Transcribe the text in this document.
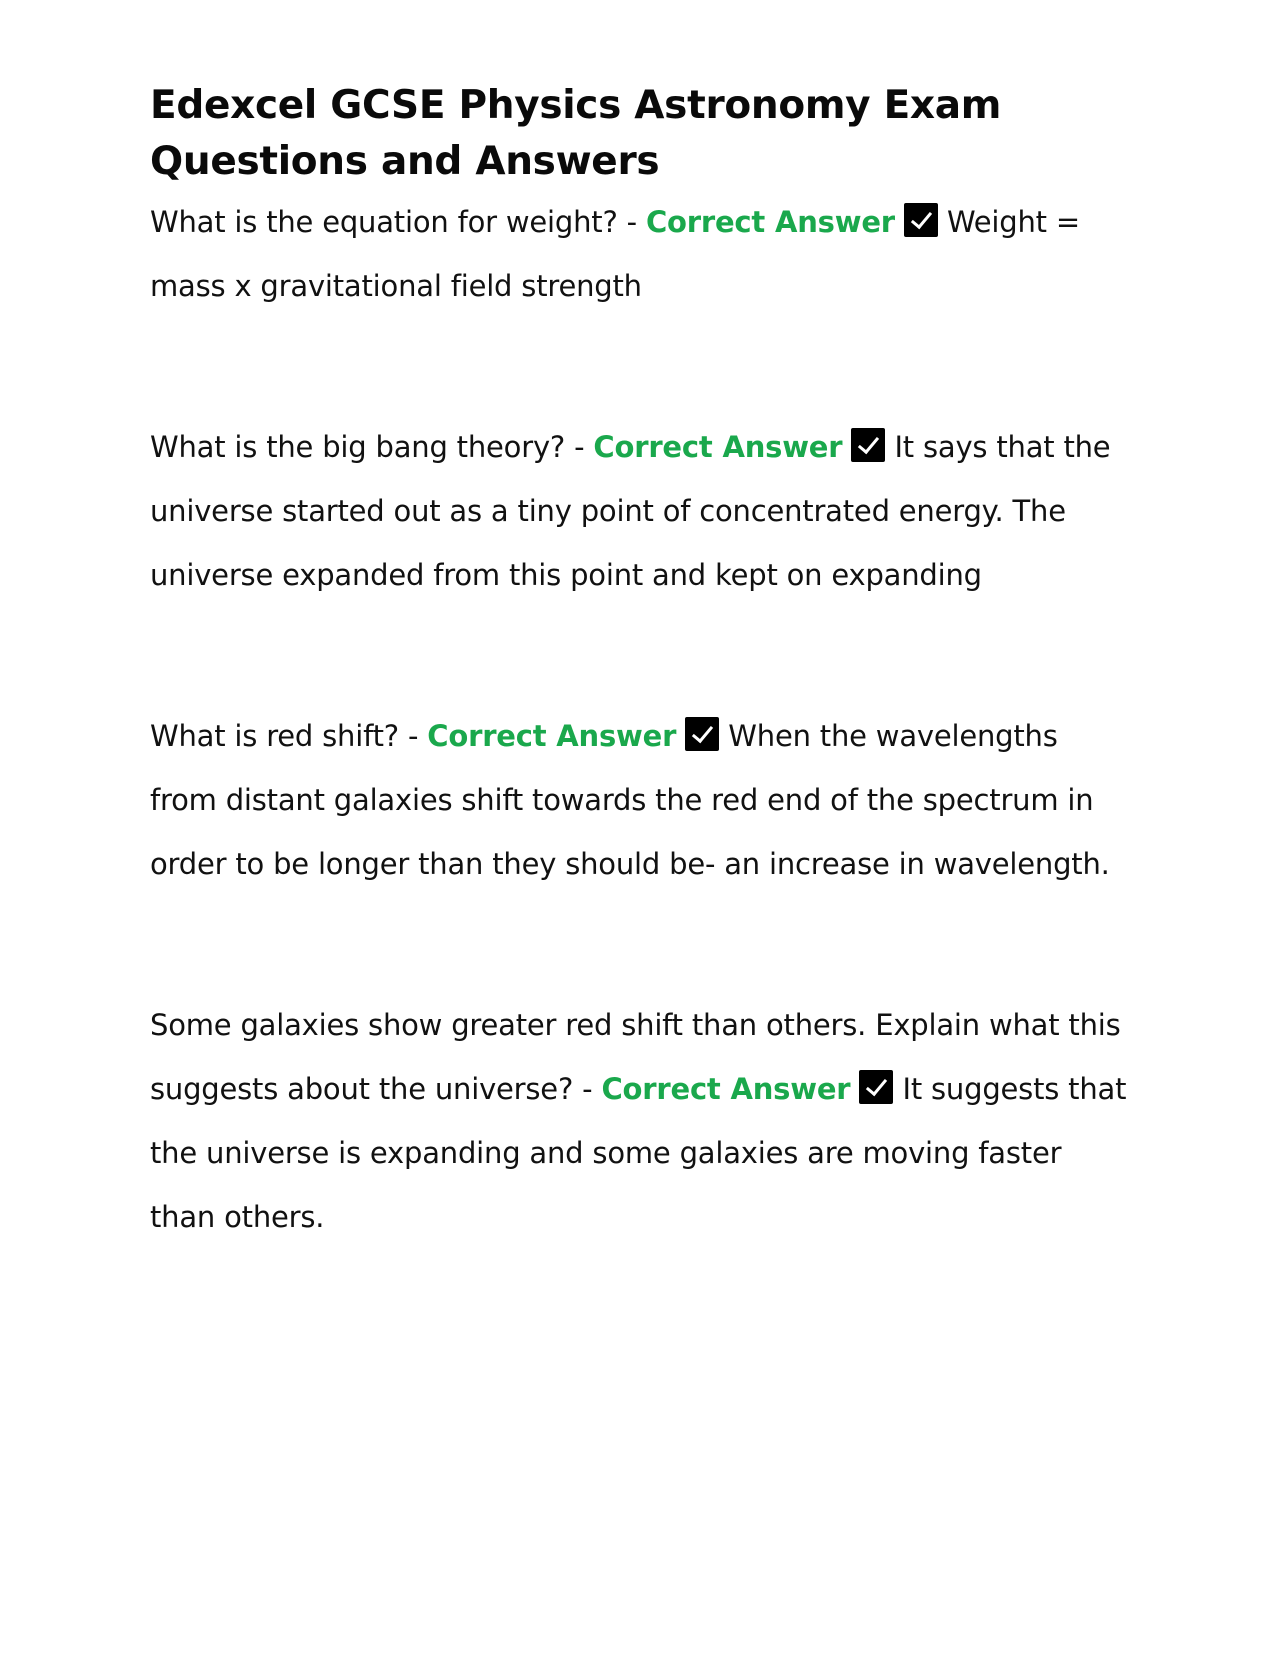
Edexcel GCSE Physics Astronomy Exam Questions and Answers

What is the equation for weight? - Correct Answer Weight = mass x gravitational field strength

What is the big bang theory? - Correct Answer It says that the universe started out as a tiny point of concentrated energy. The universe expanded from this point and kept on expanding

What is red shift? - Correct Answer When the wavelengths from distant galaxies shift towards the red end of the spectrum in order to be longer than they should be- an increase in wavelength.

Some galaxies show greater red shift than others. Explain what this suggests about the universe? - Correct Answer It suggests that the universe is expanding and some galaxies are moving faster than others.
